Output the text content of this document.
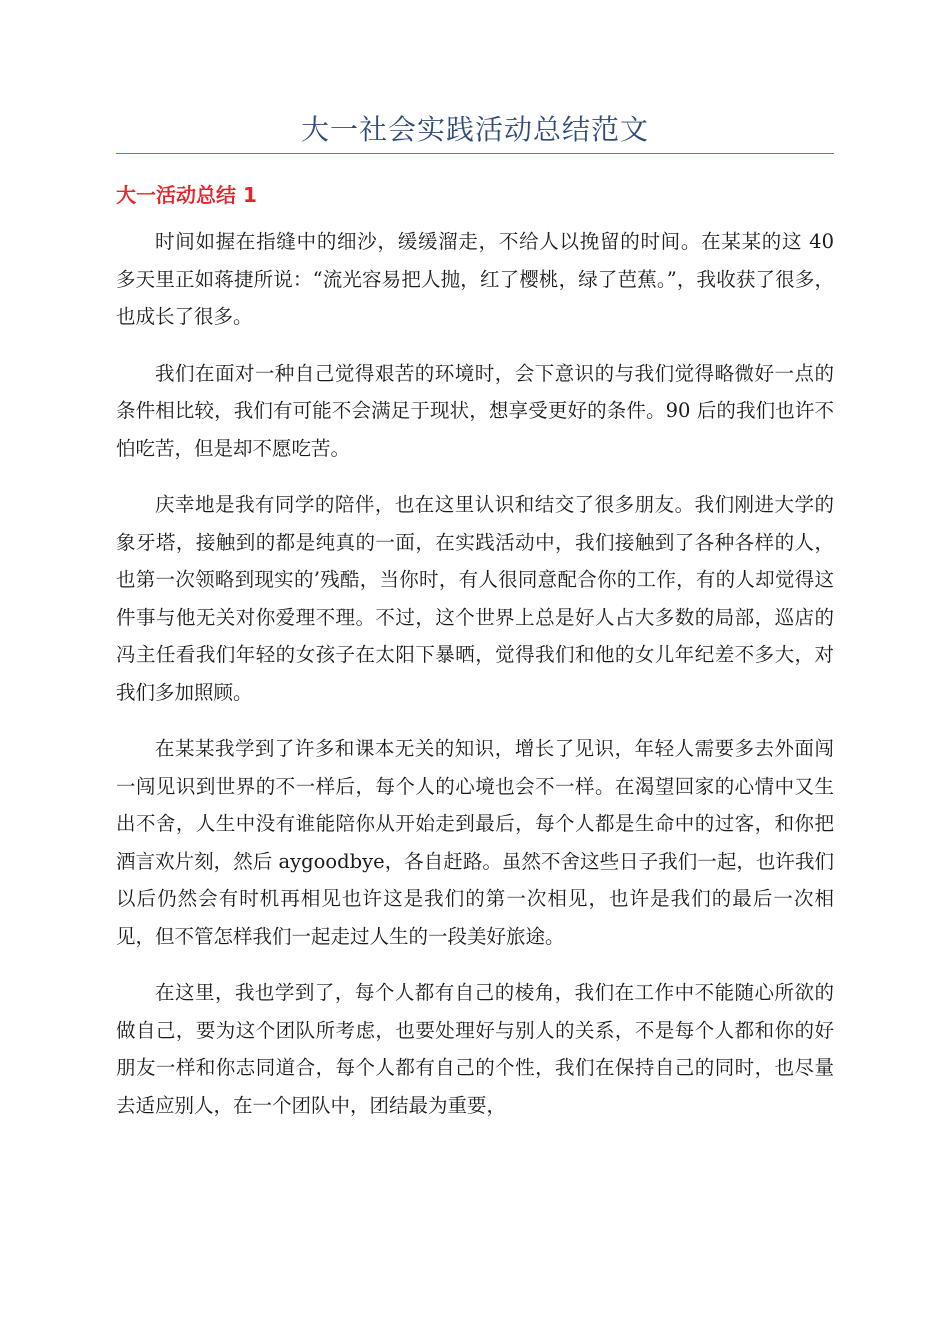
大一社会实践活动总结范文
大一活动总结 1

时间如握在指缝中的细沙，缓缓溜走，不给人以挽留的时间。在某某的这 40 多天里正如蒋捷所说：“流光容易把人抛，红了樱桃，绿了芭蕉。”，我收获了很多，也成长了很多。

我们在面对一种自己觉得艰苦的环境时，会下意识的与我们觉得略微好一点的条件相比较，我们有可能不会满足于现状，想享受更好的条件。90 后的我们也许不怕吃苦，但是却不愿吃苦。

庆幸地是我有同学的陪伴，也在这里认识和结交了很多朋友。我们刚进大学的象牙塔，接触到的都是纯真的一面，在实践活动中，我们接触到了各种各样的人，也第一次领略到现实的’残酷，当你时，有人很同意配合你的工作，有的人却觉得这件事与他无关对你爱理不理。不过，这个世界上总是好人占大多数的局部，巡店的冯主任看我们年轻的女孩子在太阳下暴晒，觉得我们和他的女儿年纪差不多大，对我们多加照顾。

在某某我学到了许多和课本无关的知识，增长了见识，年轻人需要多去外面闯一闯见识到世界的不一样后，每个人的心境也会不一样。在渴望回家的心情中又生出不舍，人生中没有谁能陪你从开始走到最后，每个人都是生命中的过客，和你把酒言欢片刻，然后 aygoodbye，各自赶路。虽然不舍这些日子我们一起，也许我们以后仍然会有时机再相见也许这是我们的第一次相见，也许是我们的最后一次相见，但不管怎样我们一起走过人生的一段美好旅途。

在这里，我也学到了，每个人都有自己的棱角，我们在工作中不能随心所欲的做自己，要为这个团队所考虑，也要处理好与别人的关系，不是每个人都和你的好朋友一样和你志同道合，每个人都有自己的个性，我们在保持自己的同时，也尽量去适应别人，在一个团队中，团结最为重要，
